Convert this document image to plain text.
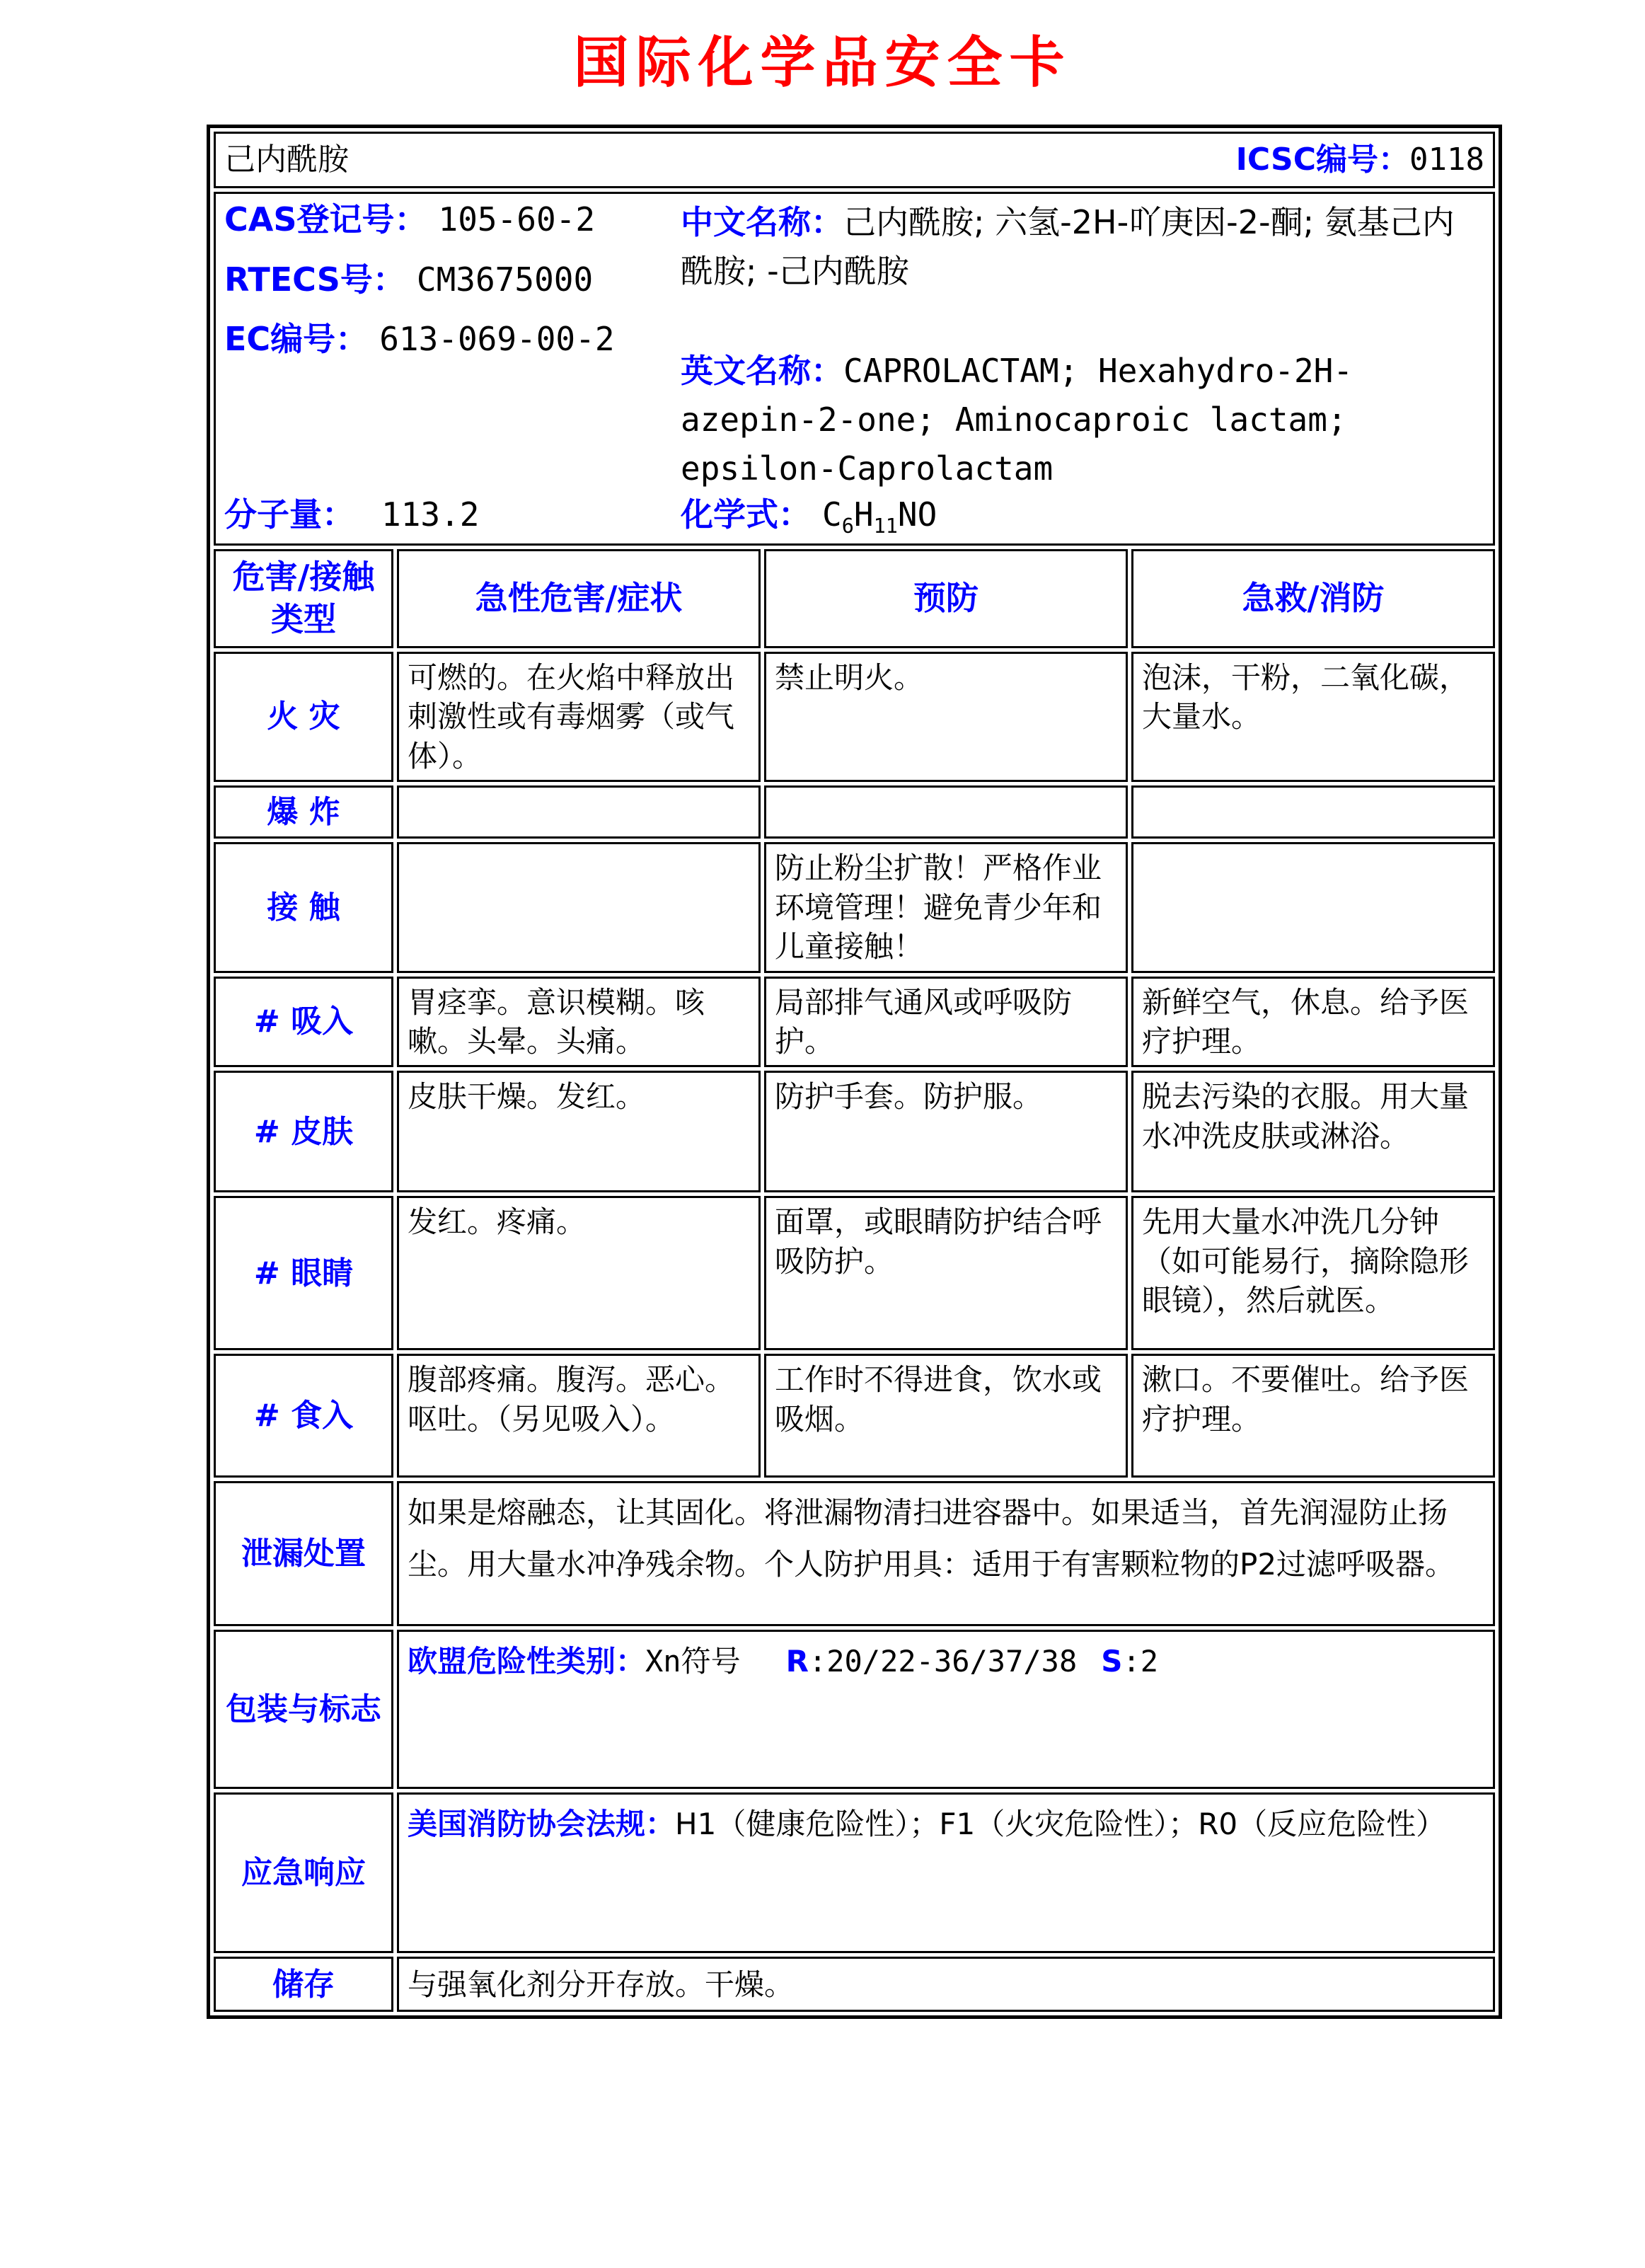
国际化学品安全卡
己内酰胺 ICSC编号：0118			

CAS登记号： 105-60-2
RTECS号： CM3675000
EC编号： 613-069-00-2
分子量： 113.2

中文名称：己内酰胺; 六氢-2H-吖庚因-2-酮; 氨基己内酰胺; -己内酰胺

英文名称：CAPROLACTAM; Hexahydro-2H-azepin-2-one; Aminocaproic lactam; epsilon-Caprolactam

化学式： $C_6H_{11}NO$

危害/接触
类型	急性危害/症状	预防	急救/消防
火 灾	可燃的。在火焰中释放出刺激性或有毒烟雾（或气体）。	禁止明火。	泡沫，干粉，二氧化碳，大量水。
爆 炸			
接 触		防止粉尘扩散！严格作业环境管理！避免青少年和儿童接触！	
# 吸入	胃痉挛。意识模糊。咳嗽。头晕。头痛。	局部排气通风或呼吸防护。	新鲜空气，休息。给予医疗护理。
# 皮肤	皮肤干燥。发红。	防护手套。防护服。	脱去污染的衣服。用大量水冲洗皮肤或淋浴。
# 眼睛	发红。疼痛。	面罩，或眼睛防护结合呼吸防护。	先用大量水冲洗几分钟（如可能易行，摘除隐形眼镜），然后就医。
# 食入	腹部疼痛。腹泻。恶心。呕吐。（另见吸入）。	工作时不得进食，饮水或吸烟。	漱口。不要催吐。给予医疗护理。
泄漏处置	如果是熔融态，让其固化。将泄漏物清扫进容器中。如果适当，首先润湿防止扬尘。用大量水冲净残余物。个人防护用具：适用于有害颗粒物的P2过滤呼吸器。		
包装与标志	欧盟危险性类别：Xn符号 R:20/22-36/37/38 S:2		
应急响应	美国消防协会法规：H1（健康危险性）；F1（火灾危险性）；R0（反应危险性）		
储存	与强氧化剂分开存放。干燥。		
